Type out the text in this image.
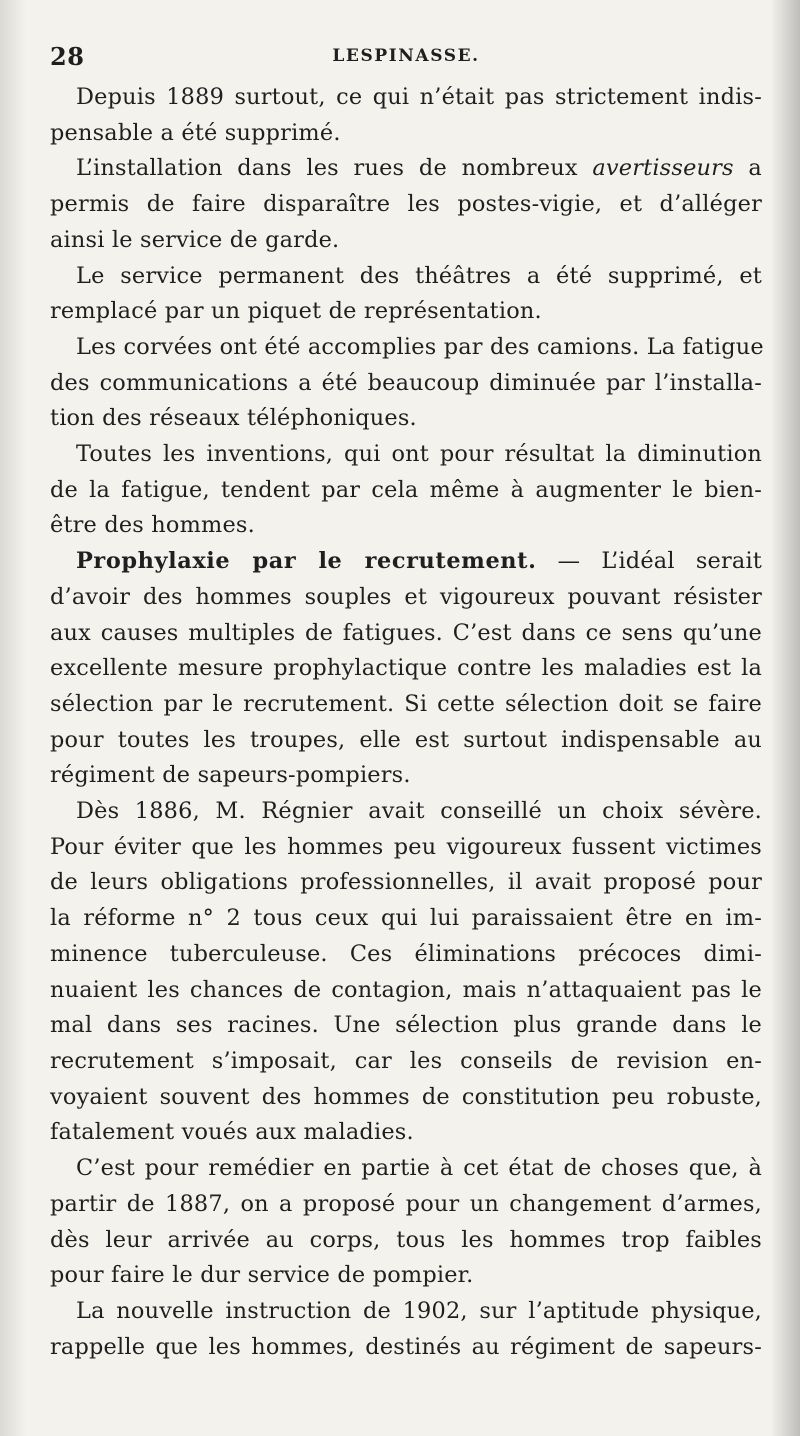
28	LESPINASSE.

Depuis 1889 surtout, ce qui n’était pas strictement indis-
pensable a été supprimé.

L’installation dans les rues de nombreux avertisseurs a
permis de faire disparaître les postes-vigie, et d’alléger
ainsi le service de garde.

Le service permanent des théâtres a été supprimé, et
remplacé par un piquet de représentation.

Les corvées ont été accomplies par des camions. La fatigue
des communications a été beaucoup diminuée par l’installa-
tion des réseaux téléphoniques.

Toutes les inventions, qui ont pour résultat la diminution
de la fatigue, tendent par cela même à augmenter le bien-
être des hommes.

Prophylaxie par le recrutement. — L’idéal serait
d’avoir des hommes souples et vigoureux pouvant résister
aux causes multiples de fatigues. C’est dans ce sens qu’une
excellente mesure prophylactique contre les maladies est la
sélection par le recrutement. Si cette sélection doit se faire
pour toutes les troupes, elle est surtout indispensable au
régiment de sapeurs-pompiers.

Dès 1886, M. Régnier avait conseillé un choix sévère.
Pour éviter que les hommes peu vigoureux fussent victimes
de leurs obligations professionnelles, il avait proposé pour
la réforme n° 2 tous ceux qui lui paraissaient être en im-
minence tuberculeuse. Ces éliminations précoces dimi-
nuaient les chances de contagion, mais n’attaquaient pas le
mal dans ses racines. Une sélection plus grande dans le
recrutement s’imposait, car les conseils de revision en-
voyaient souvent des hommes de constitution peu robuste,
fatalement voués aux maladies.

C’est pour remédier en partie à cet état de choses que, à
partir de 1887, on a proposé pour un changement d’armes,
dès leur arrivée au corps, tous les hommes trop faibles
pour faire le dur service de pompier.

La nouvelle instruction de 1902, sur l’aptitude physique,
rappelle que les hommes, destinés au régiment de sapeurs-
